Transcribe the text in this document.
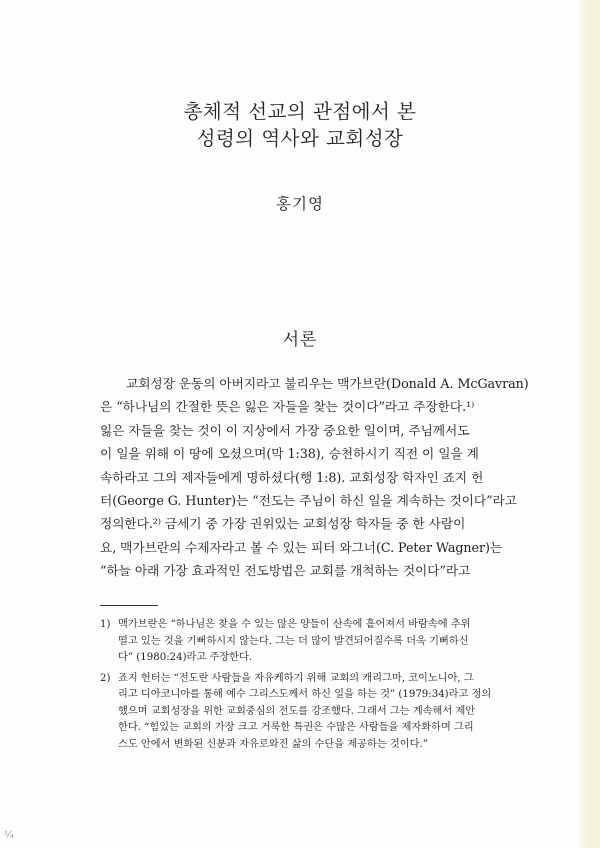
총체적 선교의 관점에서 본
성령의 역사와 교회성장
홍기영
서론
교회성장 운동의 아버지라고 불리우는 맥가브란(Donald A. McGavran)
은 “하나님의 간절한 뜻은 잃은 자들을 찾는 것이다”라고 주장한다.¹⁾
잃은 자들을 찾는 것이 이 지상에서 가장 중요한 일이며, 주님께서도
이 일을 위해 이 땅에 오셨으며(막 1:38), 승천하시기 직전 이 일을 계
속하라고 그의 제자들에게 명하셨다(행 1:8). 교회성장 학자인 죠지 헌
터(George G. Hunter)는 “전도는 주님이 하신 일을 계속하는 것이다”라고
정의한다.²⁾ 금세기 중 가장 권위있는 교회성장 학자들 중 한 사람이
요, 맥가브란의 수제자라고 볼 수 있는 피터 와그너(C. Peter Wagner)는
“하늘 아래 가장 효과적인 전도방법은 교회를 개척하는 것이다”라고
1) 맥가브란은 “하나님은 찾을 수 있는 많은 양들이 산속에 흩어져서 바람속에 추위
떨고 있는 것을 기뻐하시지 않는다. 그는 더 많이 발견되어질수록 더욱 기뻐하신
다” (1980:24)라고 주장한다.
2) 죠지 헌터는 “전도란 사람들을 자유케하기 위해 교회의 캐리그마, 코이노니아, 그
리고 디아코니아를 통해 예수 그리스도께서 하신 일을 하는 것” (1979:34)라고 정의
했으며 교회성장을 위한 교회중심의 전도를 강조했다. 그래서 그는 계속해서 제안
한다. “힘있는 교회의 가장 크고 거룩한 특권은 수많은 사람들을 제자화하며 그리
스도 안에서 변화된 신분과 자유로와진 삶의 수단을 제공하는 것이다.”
¼
